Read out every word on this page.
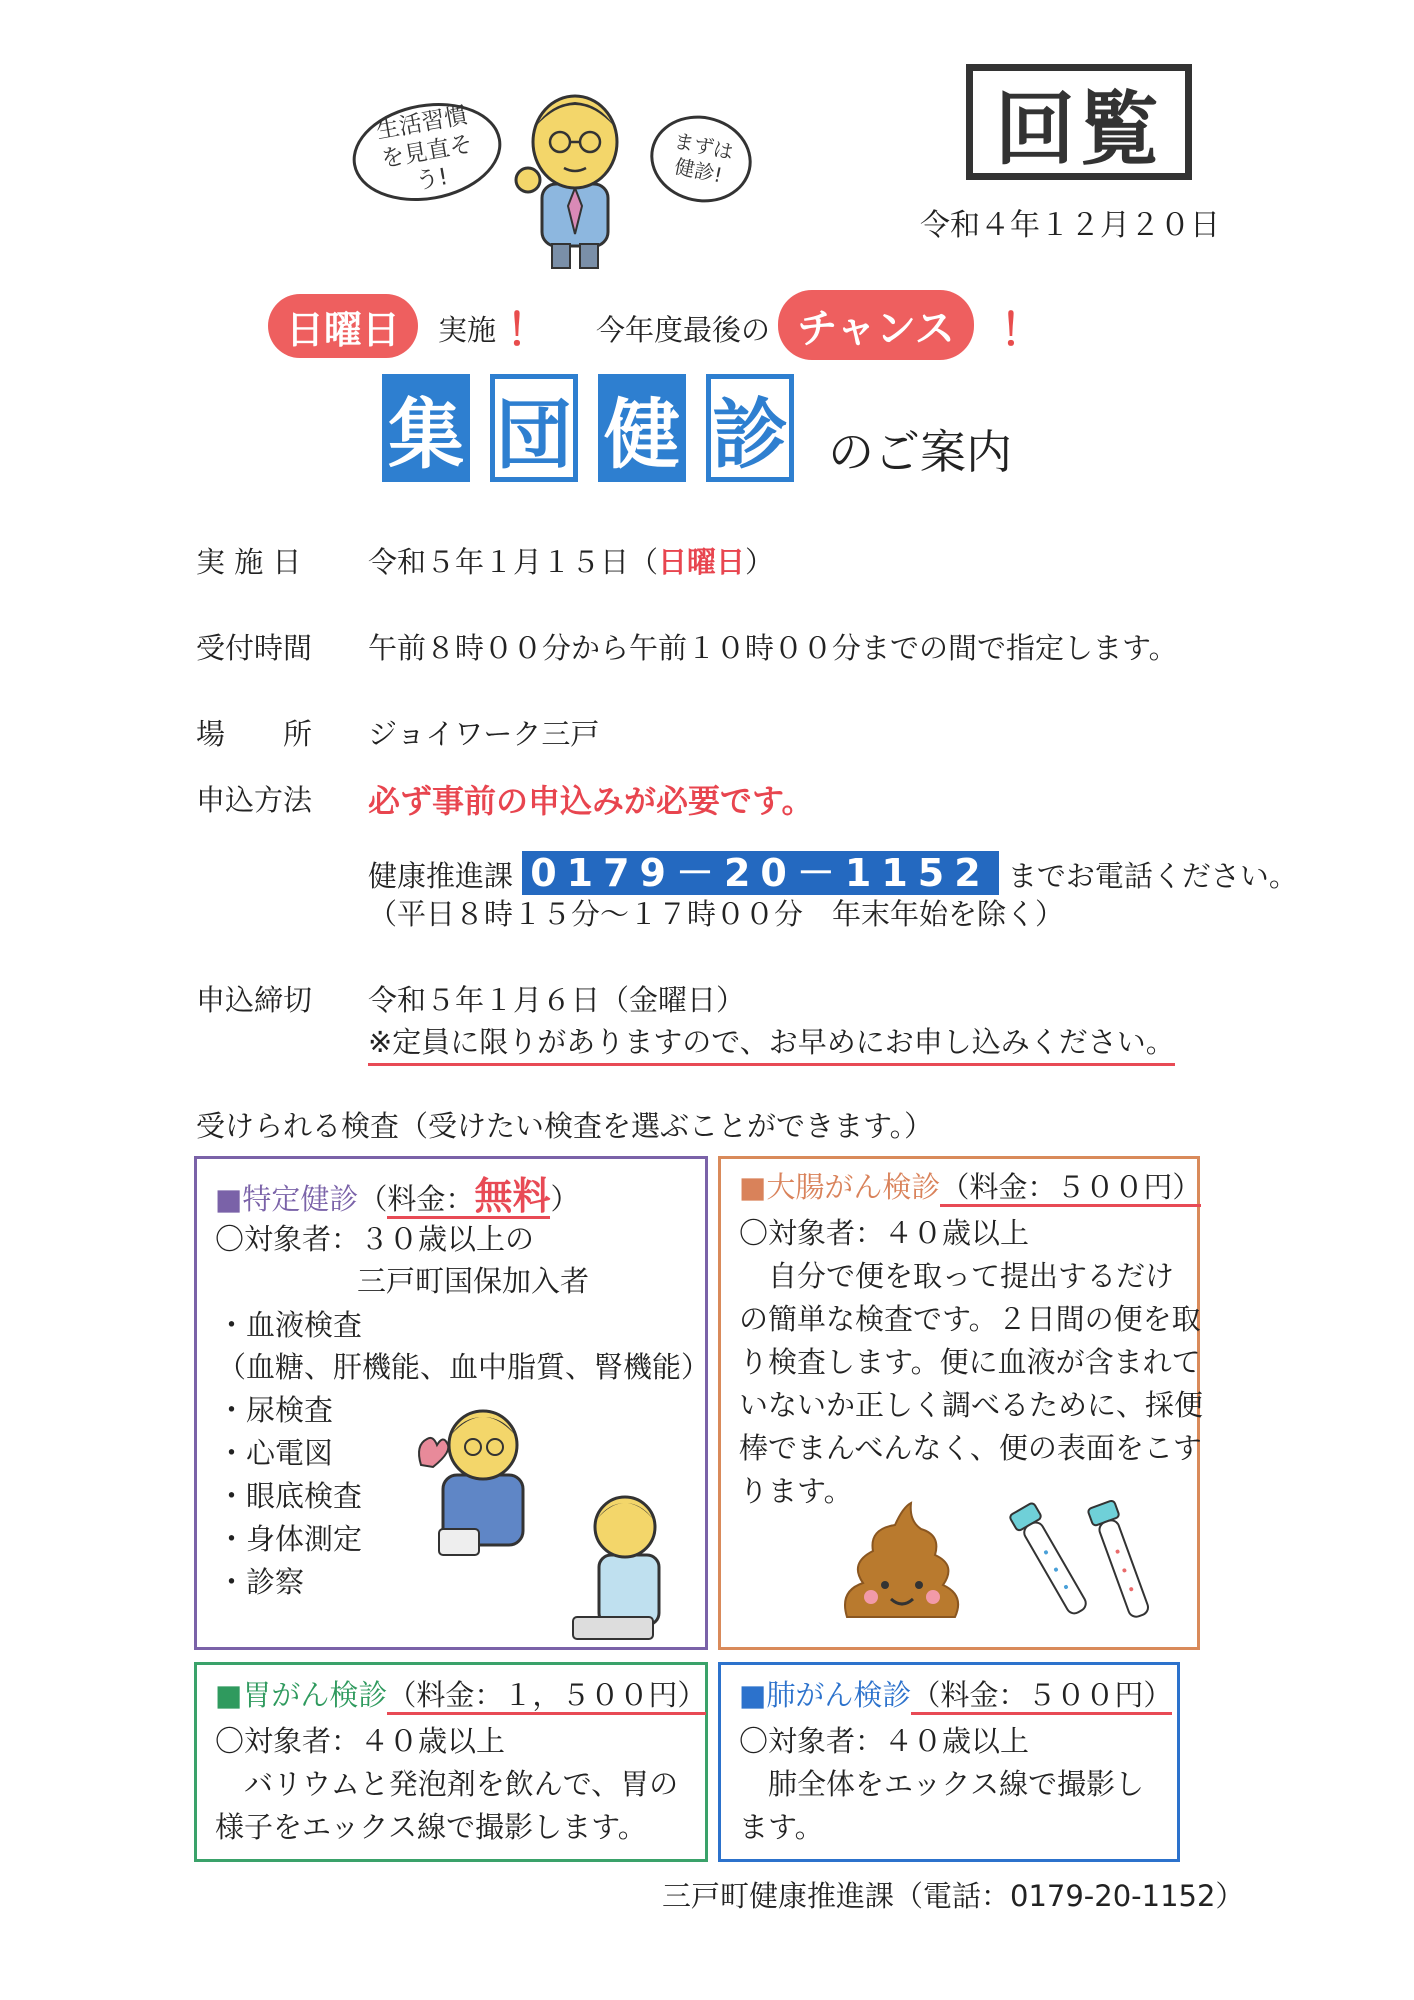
生活習慣を見直そう!
まずは健診!	回覧
令和４年１２月２０日
日曜日	実施 ！ 今年度最後の チャンス	！
集 団 健 診 のご案内
実 施 日 令和５年１月１５日（日曜日）
受付時間 午前８時００分から午前１０時００分までの間で指定します。
場　　所 ジョイワーク三戸
申込方法 必ず事前の申込みが必要です。
健康推進課 0179－20－1152 までお電話ください。
（平日８時１５分～１７時００分　年末年始を除く）
申込締切 令和５年１月６日（金曜日）
※定員に限りがありますので、お早めにお申し込みください。
受けられる検査（受けたい検査を選ぶことができます。）
■特定健診（料金：無料）
〇対象者：３０歳以上の
三戸町国保加入者
・血液検査
（血糖、肝機能、血中脂質、腎機能）
・尿検査
・心電図
・眼底検査
・身体測定
・診察
■大腸がん検診（料金：５００円）
〇対象者：４０歳以上
　自分で便を取って提出するだけ
の簡単な検査です。２日間の便を取
り検査します。便に血液が含まれて
いないか正しく調べるために、採便
棒でまんべんなく、便の表面をこす
ります。
■胃がん検診（料金：１，５００円）
〇対象者：４０歳以上
　バリウムと発泡剤を飲んで、胃の
様子をエックス線で撮影します。
■肺がん検診（料金：５００円）
〇対象者：４０歳以上
　肺全体をエックス線で撮影し
ます。
三戸町健康推進課（電話：0179-20-1152）
